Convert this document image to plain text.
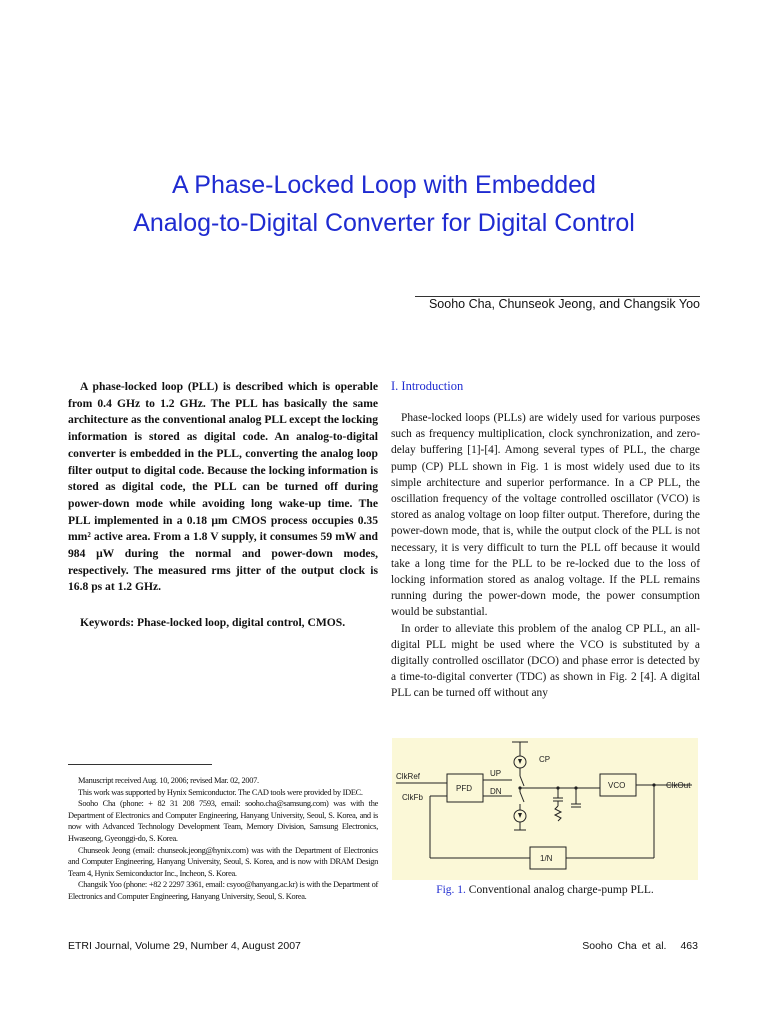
A Phase-Locked Loop with Embedded
Analog-to-Digital Converter for Digital Control
Sooho Cha, Chunseok Jeong, and Changsik Yoo

A phase-locked loop (PLL) is described which is operable from 0.4 GHz to 1.2 GHz. The PLL has basically the same architecture as the conventional analog PLL except the locking information is stored as digital code. An analog-to-digital converter is embedded in the PLL, converting the analog loop filter output to digital code. Because the locking information is stored as digital code, the PLL can be turned off during power-down mode while avoiding long wake-up time. The PLL implemented in a 0.18 μm CMOS process occupies 0.35 mm² active area. From a 1.8 V supply, it consumes 59 mW and 984 μW during the normal and power-down modes, respectively. The measured rms jitter of the output clock is 16.8 ps at 1.2 GHz.

Keywords: Phase-locked loop, digital control, CMOS.

Manuscript received Aug. 10, 2006; revised Mar. 02, 2007.

This work was supported by Hynix Semiconductor. The CAD tools were provided by IDEC.

Sooho Cha (phone: + 82 31 208 7593, email: sooho.cha@samsung.com) was with the Department of Electronics and Computer Engineering, Hanyang University, Seoul, S. Korea, and is now with Advanced Technology Development Team, Memory Division, Samsung Electronics, Hwaseong, Gyeonggi-do, S. Korea.

Chunseok Jeong (email: chunseok.jeong@hynix.com) was with the Department of Electronics and Computer Engineering, Hanyang University, Seoul, S. Korea, and is now with DRAM Design Team 4, Hynix Semiconductor Inc., Incheon, S. Korea.

Changsik Yoo (phone: +82 2 2297 3361, email: csyoo@hanyang.ac.kr) is with the Department of Electronics and Computer Engineering, Hanyang University, Seoul, S. Korea.

I. Introduction

Phase-locked loops (PLLs) are widely used for various purposes such as frequency multiplication, clock synchronization, and zero-delay buffering [1]-[4]. Among several types of PLL, the charge pump (CP) PLL shown in Fig. 1 is most widely used due to its simple architecture and superior performance. In a CP PLL, the oscillation frequency of the voltage controlled oscillator (VCO) is stored as analog voltage on loop filter output. Therefore, during the power-down mode, that is, while the output clock of the PLL is not necessary, it is very difficult to turn the PLL off because it would take a long time for the PLL to be re-locked due to the loss of locking information stored as analog voltage. If the PLL remains running during the power-down mode, the power consumption would be substantial.

In order to alleviate this problem of the analog CP PLL, an all-digital PLL might be used where the VCO is substituted by a digitally controlled oscillator (DCO) and phase error is detected by a time-to-digital converter (TDC) as shown in Fig. 2 [4]. A digital PLL can be turned off without any

CP
ClkRef
ClkFb
UP
DN
PFD	VCO	ClkOut
1/N
Fig. 1. Conventional analog charge-pump PLL.
ETRI Journal, Volume 29, Number 4, August 2007	Sooho Cha et al. 463
